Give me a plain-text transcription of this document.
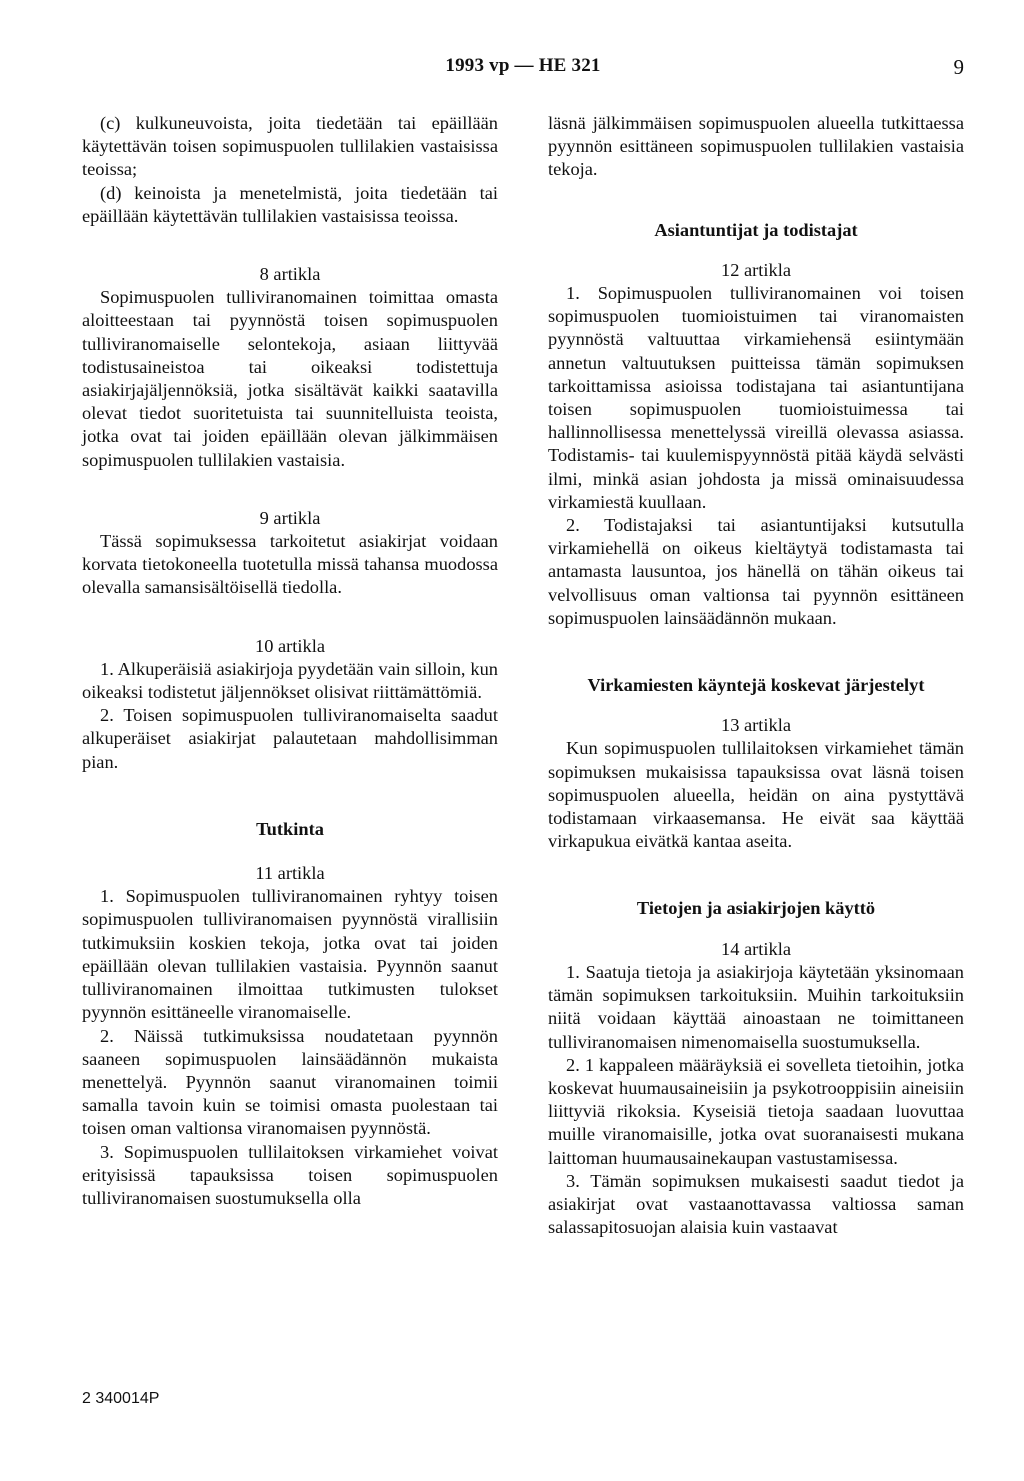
1993 vp — HE 321	9

(c) kulkuneuvoista, joita tiedetään tai epäillään käytettävän toisen sopimuspuolen tullilakien vastaisissa teoissa;

(d) keinoista ja menetelmistä, joita tiedetään tai epäillään käytettävän tullilakien vastaisissa teoissa.

8 artikla

Sopimuspuolen tulliviranomainen toimittaa omasta aloitteestaan tai pyynnöstä toisen sopimuspuolen tulliviranomaiselle selontekoja, asiaan liittyvää todistusaineistoa tai oikeaksi todistettuja asiakirjajäljennöksiä, jotka sisältävät kaikki saatavilla olevat tiedot suoritetuista tai suunnitelluista teoista, jotka ovat tai joiden epäillään olevan jälkimmäisen sopimuspuolen tullilakien vastaisia.

9 artikla

Tässä sopimuksessa tarkoitetut asiakirjat voidaan korvata tietokoneella tuotetulla missä tahansa muodossa olevalla samansisältöisellä tiedolla.

10 artikla

1. Alkuperäisiä asiakirjoja pyydetään vain silloin, kun oikeaksi todistetut jäljennökset olisivat riittämättömiä.

2. Toisen sopimuspuolen tulliviranomaiselta saadut alkuperäiset asiakirjat palautetaan mahdollisimman pian.

Tutkinta

11 artikla

1. Sopimuspuolen tulliviranomainen ryhtyy toisen sopimuspuolen tulliviranomaisen pyynnöstä virallisiin tutkimuksiin koskien tekoja, jotka ovat tai joiden epäillään olevan tullilakien vastaisia. Pyynnön saanut tulliviranomainen ilmoittaa tutkimusten tulokset pyynnön esittäneelle viranomaiselle.

2. Näissä tutkimuksissa noudatetaan pyynnön saaneen sopimuspuolen lainsäädännön mukaista menettelyä. Pyynnön saanut viranomainen toimii samalla tavoin kuin se toimisi omasta puolestaan tai toisen oman valtionsa viranomaisen pyynnöstä.

3. Sopimuspuolen tullilaitoksen virkamiehet voivat erityisissä tapauksissa toisen sopimuspuolen tulliviranomaisen suostumuksella olla

läsnä jälkimmäisen sopimuspuolen alueella tutkittaessa pyynnön esittäneen sopimuspuolen tullilakien vastaisia tekoja.

Asiantuntijat ja todistajat

12 artikla

1. Sopimuspuolen tulliviranomainen voi toisen sopimuspuolen tuomioistuimen tai viranomaisten pyynnöstä valtuuttaa virkamiehensä esiintymään annetun valtuutuksen puitteissa tämän sopimuksen tarkoittamissa asioissa todistajana tai asiantuntijana toisen sopimuspuolen tuomioistuimessa tai hallinnollisessa menettelyssä vireillä olevassa asiassa. Todistamis- tai kuulemispyynnöstä pitää käydä selvästi ilmi, minkä asian johdosta ja missä ominaisuudessa virkamiestä kuullaan.

2. Todistajaksi tai asiantuntijaksi kutsutulla virkamiehellä on oikeus kieltäytyä todistamasta tai antamasta lausuntoa, jos hänellä on tähän oikeus tai velvollisuus oman valtionsa tai pyynnön esittäneen sopimuspuolen lainsäädännön mukaan.

Virkamiesten käyntejä koskevat järjestelyt

13 artikla

Kun sopimuspuolen tullilaitoksen virkamiehet tämän sopimuksen mukaisissa tapauksissa ovat läsnä toisen sopimuspuolen alueella, heidän on aina pystyttävä todistamaan virkaasemansa. He eivät saa käyttää virkapukua eivätkä kantaa aseita.

Tietojen ja asiakirjojen käyttö

14 artikla

1. Saatuja tietoja ja asiakirjoja käytetään yksinomaan tämän sopimuksen tarkoituksiin. Muihin tarkoituksiin niitä voidaan käyttää ainoastaan ne toimittaneen tulliviranomaisen nimenomaisella suostumuksella.

2. 1 kappaleen määräyksiä ei sovelleta tietoihin, jotka koskevat huumausaineisiin ja psykotrooppisiin aineisiin liittyviä rikoksia. Kyseisiä tietoja saadaan luovuttaa muille viranomaisille, jotka ovat suoranaisesti mukana laittoman huumausainekaupan vastustamisessa.

3. Tämän sopimuksen mukaisesti saadut tiedot ja asiakirjat ovat vastaanottavassa valtiossa saman salassapitosuojan alaisia kuin vastaavat

2 340014P
